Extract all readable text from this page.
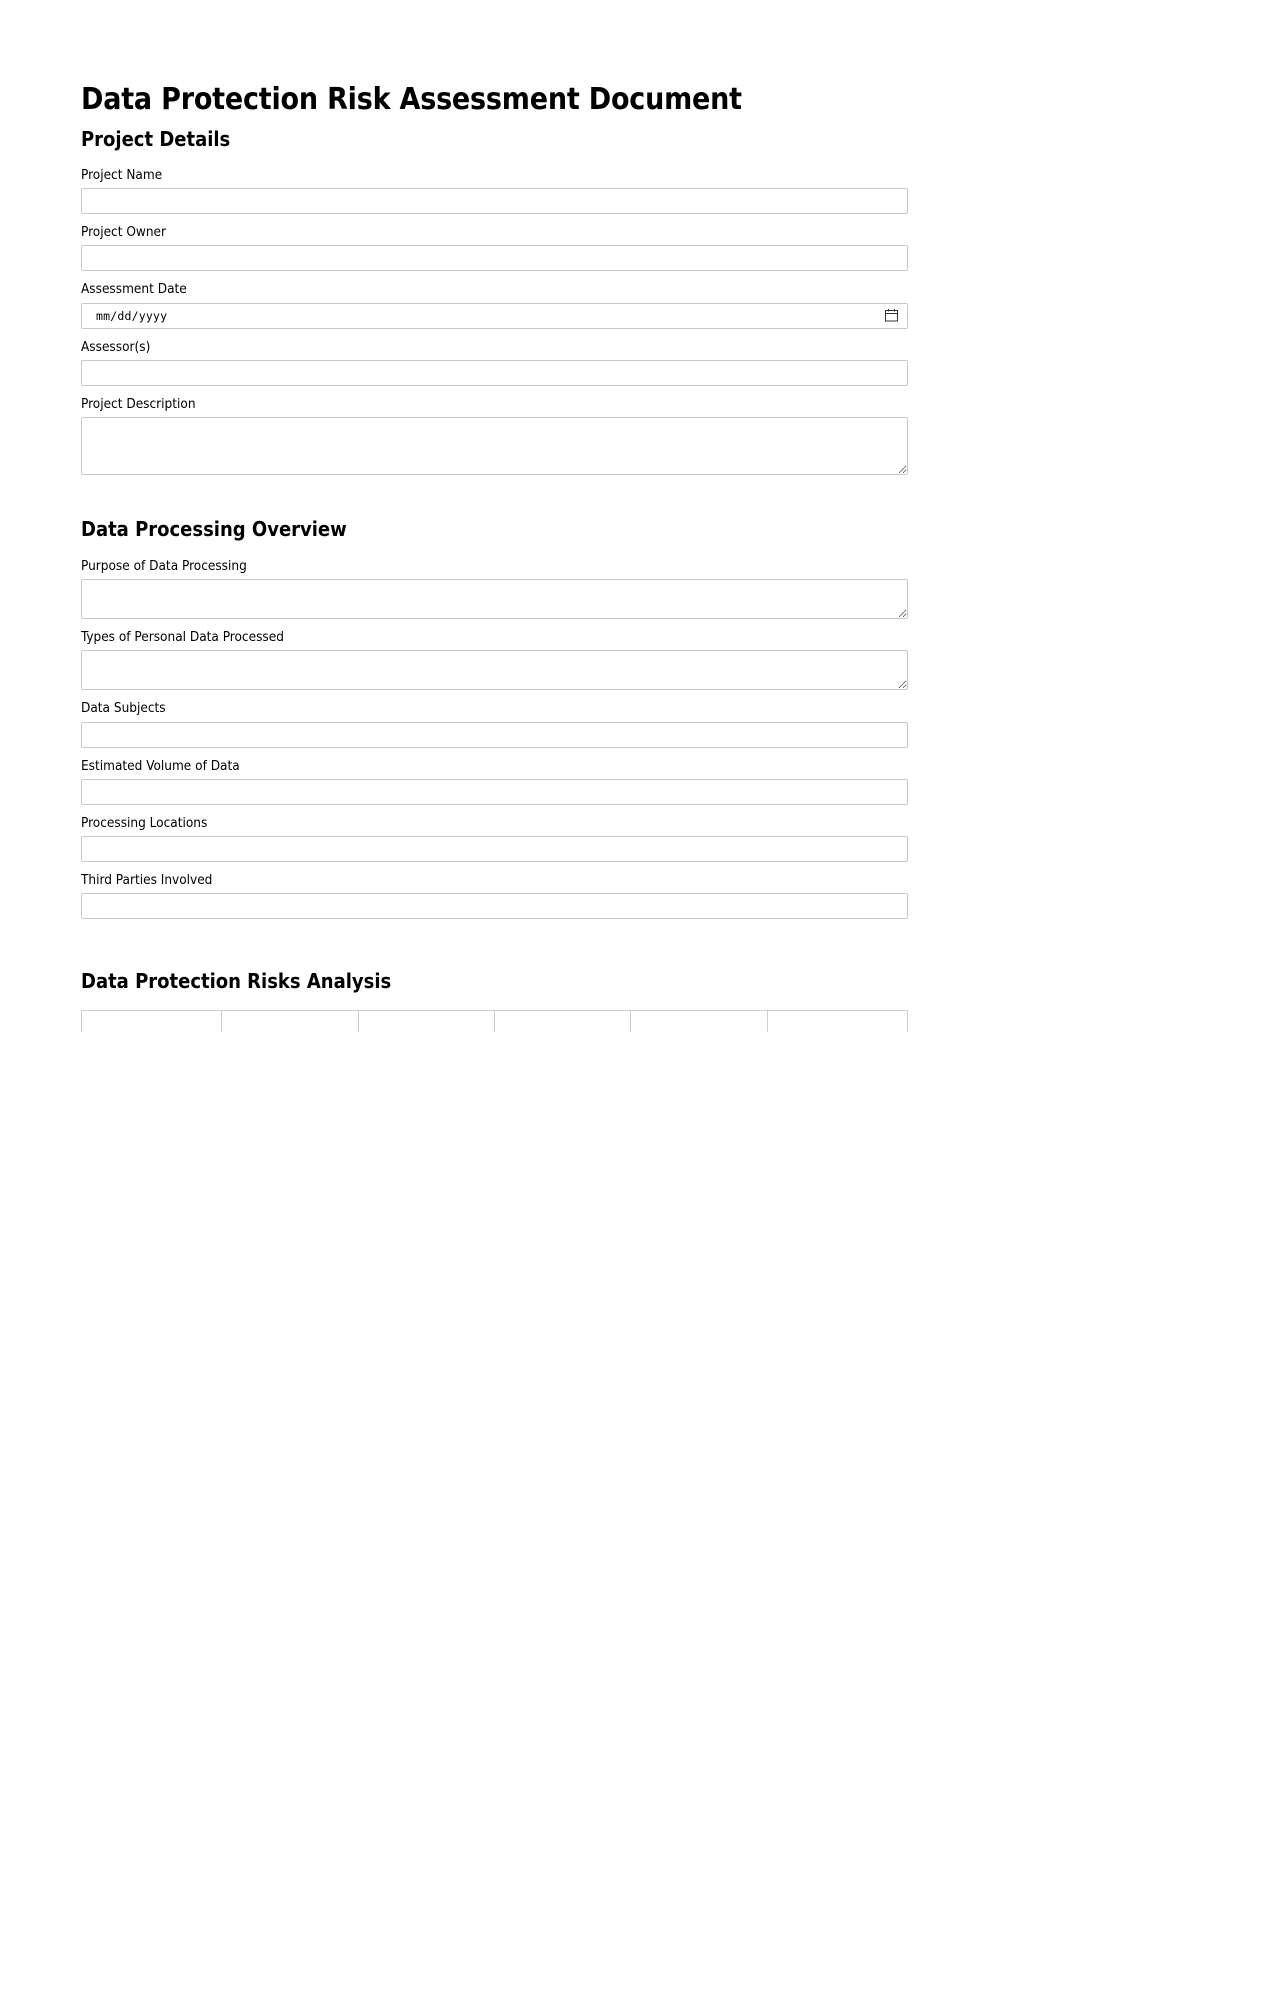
Data Protection Risk Assessment Document
Project Details
Project Name
Project Owner
Assessment Date
mm/dd/yyyy
Assessor(s)
Project Description
Data Processing Overview
Purpose of Data Processing
Types of Personal Data Processed
Data Subjects
Estimated Volume of Data
Processing Locations
Third Parties Involved
Data Protection Risks Analysis
